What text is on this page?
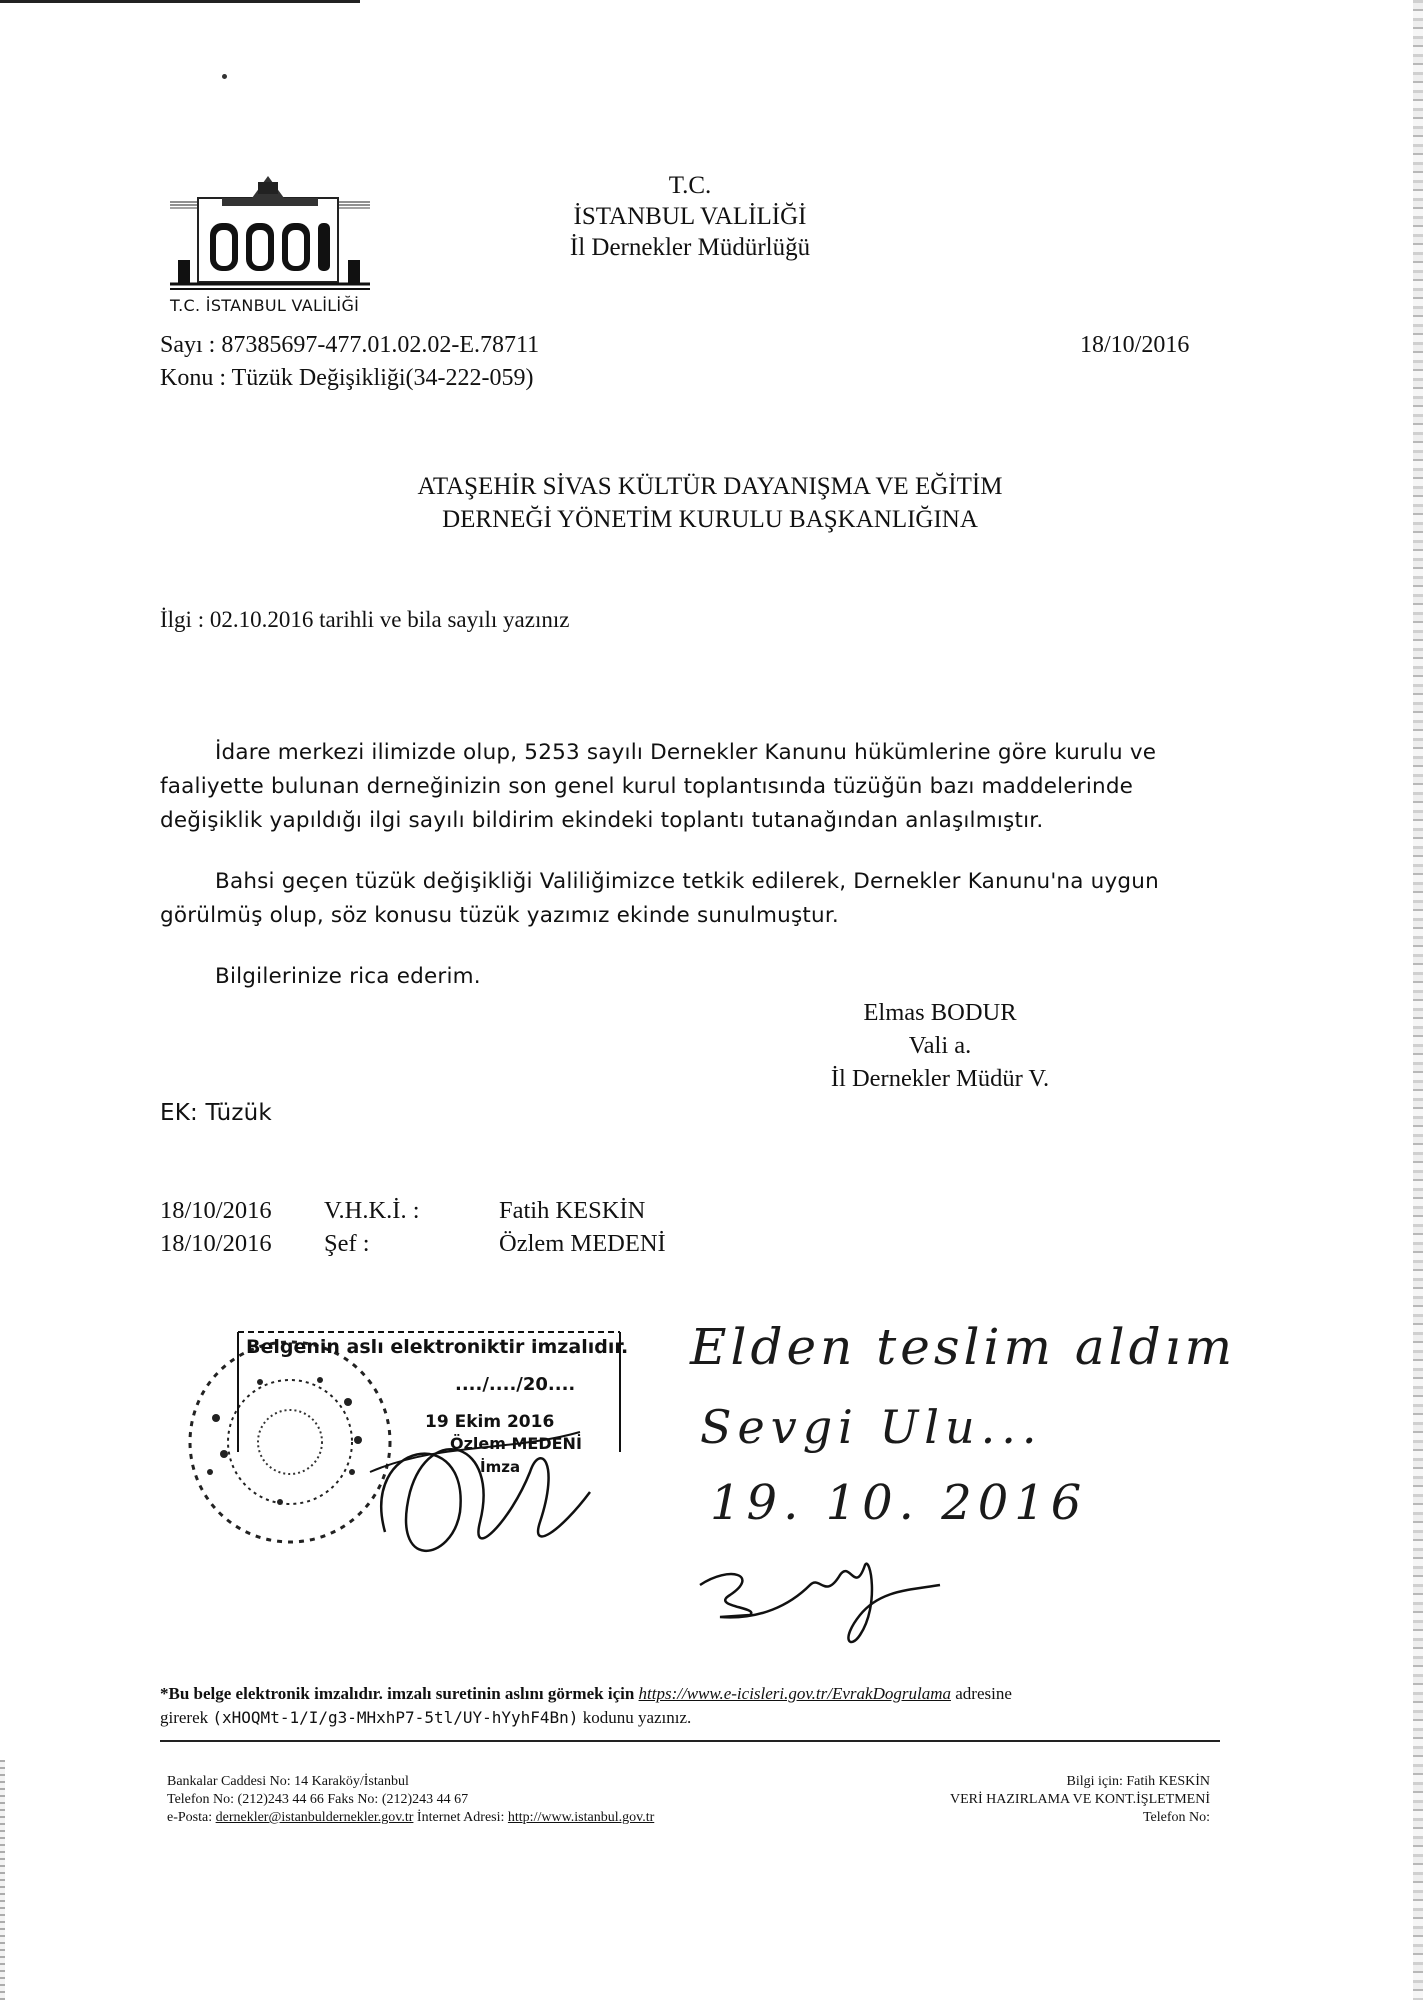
T.C. İSTANBUL VALİLİĞİ
T.C.
İSTANBUL VALİLİĞİ
İl Dernekler Müdürlüğü
Sayı : 87385697-477.01.02.02-E.78711
Konu : Tüzük Değişikliği(34-222-059)
18/10/2016
ATAŞEHİR SİVAS KÜLTÜR DAYANIŞMA VE EĞİTİM
DERNEĞİ YÖNETİM KURULU BAŞKANLIĞINA
İlgi : 02.10.2016 tarihli ve bila sayılı yazınız
İdare merkezi ilimizde olup, 5253 sayılı Dernekler Kanunu hükümlerine göre kurulu ve
faaliyette bulunan derneğinizin son genel kurul toplantısında tüzüğün bazı maddelerinde
değişiklik yapıldığı ilgi sayılı bildirim ekindeki toplantı tutanağından anlaşılmıştır.
Bahsi geçen tüzük değişikliği Valiliğimizce tetkik edilerek, Dernekler Kanunu'na uygun
görülmüş olup, söz konusu tüzük yazımız ekinde sunulmuştur.
Bilgilerinize rica ederim.
Elmas BODUR
Vali a.
İl Dernekler Müdür V.
EK: Tüzük
18/10/2016	V.H.K.İ. :	Fatih KESKİN
18/10/2016	Şef :	Özlem MEDENİ
Belgenin aslı elektroniktir imzalıdır.
..../..../20....
19 Ekim 2016
Özlem MEDENİ
İmza
Elden teslim aldım
Sevgi Ulu...
19. 10. 2016
*Bu belge elektronik imzalıdır. imzalı suretinin aslını görmek için https://www.e-icisleri.gov.tr/EvrakDogrulama adresine
girerek (xHOQMt-1/I/g3-MHxhP7-5tl/UY-hYyhF4Bn) kodunu yazınız.
Bankalar Caddesi No: 14 Karaköy/İstanbul
Telefon No: (212)243 44 66 Faks No: (212)243 44 67
e-Posta: dernekler@istanbuldernekler.gov.tr İnternet Adresi: http://www.istanbul.gov.tr
Bilgi için: Fatih KESKİN
VERİ HAZIRLAMA VE KONT.İŞLETMENİ
Telefon No:
